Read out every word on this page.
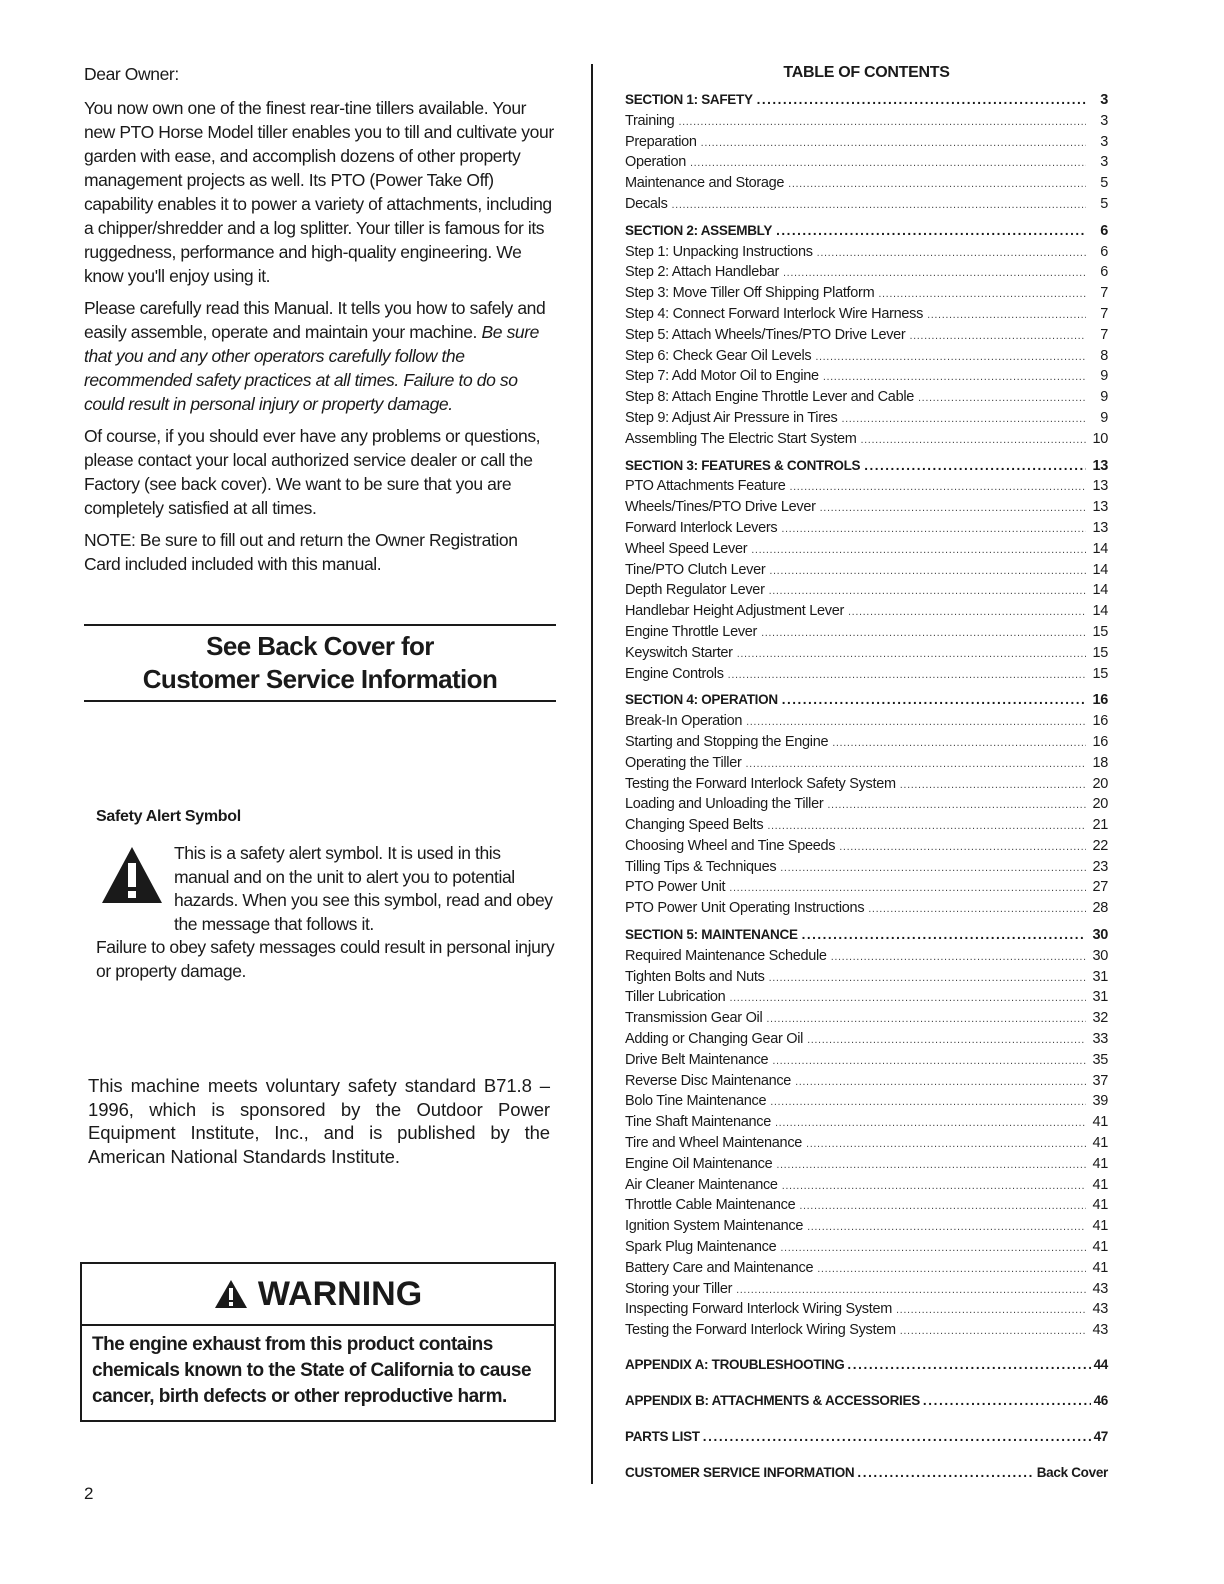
Dear Owner:

You now own one of the finest rear-tine tillers available. Your new PTO Horse Model tiller enables you to till and cultivate your garden with ease, and accomplish dozens of other property management projects as well. Its PTO (Power Take Off) capability enables it to power a variety of attachments, including a chipper/shredder and a log splitter. Your tiller is famous for its ruggedness, performance and high-quality engineering. We know you'll enjoy using it.

Please carefully read this Manual. It tells you how to safely and easily assemble, operate and maintain your machine. Be sure that you and any other operators carefully follow the recommended safety practices at all times. Failure to do so could result in personal injury or property damage.

Of course, if you should ever have any problems or questions, please contact your local authorized service dealer or call the Factory (see back cover). We want to be sure that you are completely satisfied at all times.

NOTE: Be sure to fill out and return the Owner Registration Card included included with this manual.

See Back Cover for
Customer Service Information
Safety Alert Symbol
This is a safety alert symbol. It is used in this manual and on the unit to alert you to potential hazards. When you see this symbol, read and obey the message that follows it.
Failure to obey safety messages could result in personal injury or property damage.
This machine meets voluntary safety standard B71.8 – 1996, which is sponsored by the Outdoor Power Equipment Institute, Inc., and is published by the American National Standards Institute.
WARNING
The engine exhaust from this product contains chemicals known to the State of California to cause cancer, birth defects or other reproductive harm.
2
TABLE OF CONTENTS
SECTION 1: SAFETY .....	3
Training .....	3
Preparation .....	3
Operation .....	3
Maintenance and Storage .....	5
Decals .....	5
SECTION 2: ASSEMBLY .....	6
Step 1: Unpacking Instructions .....	6
Step 2: Attach Handlebar .....	6
Step 3: Move Tiller Off Shipping Platform .....	7
Step 4: Connect Forward Interlock Wire Harness .....	7
Step 5: Attach Wheels/Tines/PTO Drive Lever .....	7
Step 6: Check Gear Oil Levels .....	8
Step 7: Add Motor Oil to Engine .....	9
Step 8: Attach Engine Throttle Lever and Cable .....	9
Step 9: Adjust Air Pressure in Tires .....	9
Assembling The Electric Start System .....	10
SECTION 3: FEATURES & CONTROLS .....	13
PTO Attachments Feature .....	13
Wheels/Tines/PTO Drive Lever .....	13
Forward Interlock Levers .....	13
Wheel Speed Lever .....	14
Tine/PTO Clutch Lever .....	14
Depth Regulator Lever .....	14
Handlebar Height Adjustment Lever .....	14
Engine Throttle Lever .....	15
Keyswitch Starter .....	15
Engine Controls .....	15
SECTION 4: OPERATION .....	16
Break-In Operation .....	16
Starting and Stopping the Engine .....	16
Operating the Tiller .....	18
Testing the Forward Interlock Safety System .....	20
Loading and Unloading the Tiller .....	20
Changing Speed Belts .....	21
Choosing Wheel and Tine Speeds .....	22
Tilling Tips & Techniques .....	23
PTO Power Unit .....	27
PTO Power Unit Operating Instructions .....	28
SECTION 5: MAINTENANCE .....	30
Required Maintenance Schedule .....	30
Tighten Bolts and Nuts .....	31
Tiller Lubrication .....	31
Transmission Gear Oil .....	32
Adding or Changing Gear Oil .....	33
Drive Belt Maintenance .....	35
Reverse Disc Maintenance .....	37
Bolo Tine Maintenance .....	39
Tine Shaft Maintenance .....	41
Tire and Wheel Maintenance .....	41
Engine Oil Maintenance .....	41
Air Cleaner Maintenance .....	41
Throttle Cable Maintenance .....	41
Ignition System Maintenance .....	41
Spark Plug Maintenance .....	41
Battery Care and Maintenance .....	41
Storing your Tiller .....	43
Inspecting Forward Interlock Wiring System .....	43
Testing the Forward Interlock Wiring System .....	43
APPENDIX A: TROUBLESHOOTING .....	44
APPENDIX B: ATTACHMENTS & ACCESSORIES .....	46
PARTS LIST .....	47
CUSTOMER SERVICE INFORMATION .....	Back Cover
